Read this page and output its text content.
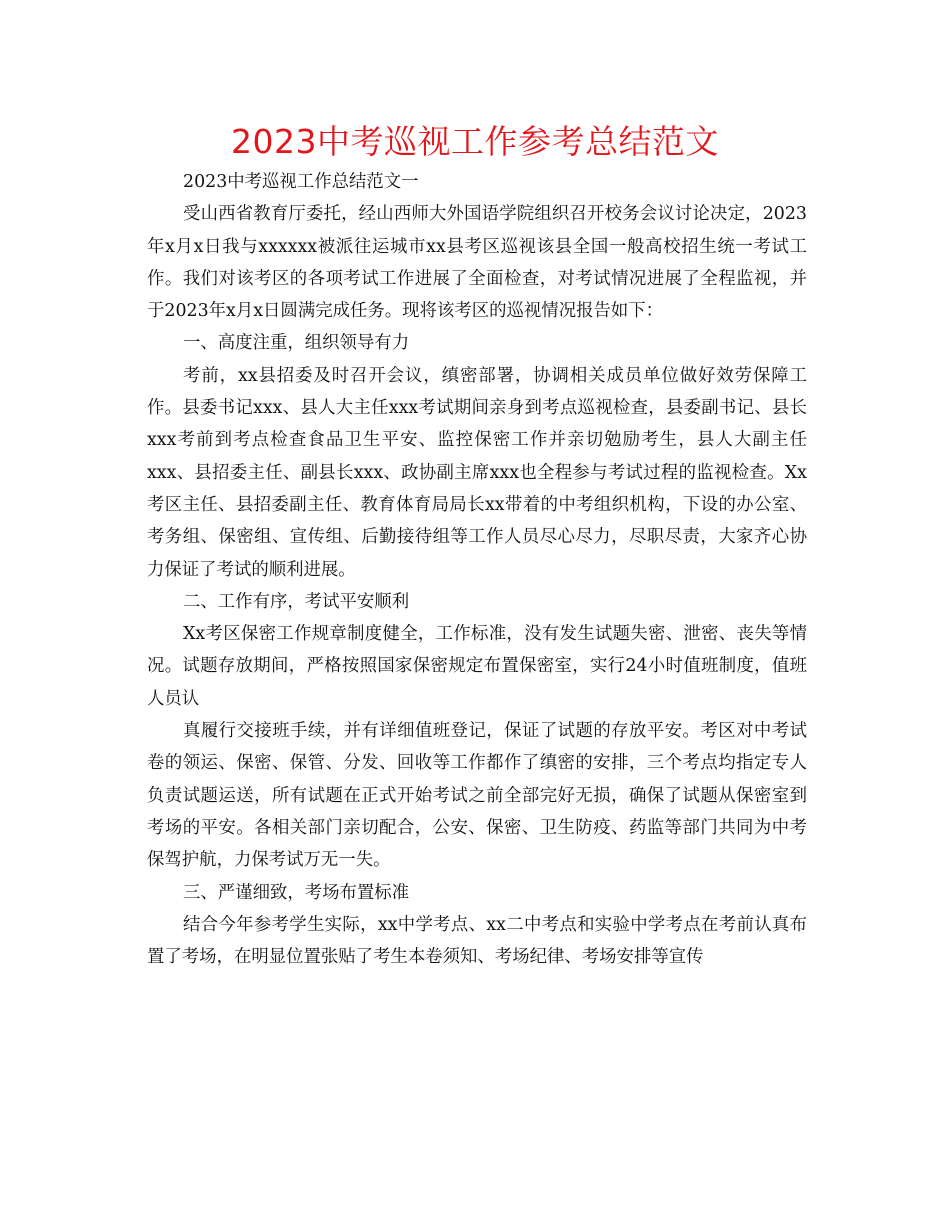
2023中考巡视工作参考总结范文

2023中考巡视工作总结范文一

受山西省教育厅委托，经山西师大外国语学院组织召开校务会议讨论决定，2023年x月x日我与xxxxxx被派往运城市xx县考区巡视该县全国一般高校招生统一考试工作。我们对该考区的各项考试工作进展了全面检查，对考试情况进展了全程监视，并于2023年x月x日圆满完成任务。现将该考区的巡视情况报告如下：

一、高度注重，组织领导有力

考前，xx县招委及时召开会议，缜密部署，协调相关成员单位做好效劳保障工作。县委书记xxx、县人大主任xxx考试期间亲身到考点巡视检查，县委副书记、县长xxx考前到考点检查食品卫生平安、监控保密工作并亲切勉励考生，县人大副主任xxx、县招委主任、副县长xxx、政协副主席xxx也全程参与考试过程的监视检查。Xx考区主任、县招委副主任、教育体育局局长xx带着的中考组织机构，下设的办公室、考务组、保密组、宣传组、后勤接待组等工作人员尽心尽力，尽职尽责，大家齐心协力保证了考试的顺利进展。

二、工作有序，考试平安顺利

Xx考区保密工作规章制度健全，工作标准，没有发生试题失密、泄密、丧失等情况。试题存放期间，严格按照国家保密规定布置保密室，实行24小时值班制度，值班人员认

真履行交接班手续，并有详细值班登记，保证了试题的存放平安。考区对中考试卷的领运、保密、保管、分发、回收等工作都作了缜密的安排，三个考点均指定专人负责试题运送，所有试题在正式开始考试之前全部完好无损，确保了试题从保密室到考场的平安。各相关部门亲切配合，公安、保密、卫生防疫、药监等部门共同为中考保驾护航，力保考试万无一失。

三、严谨细致，考场布置标准

结合今年参考学生实际，xx中学考点、xx二中考点和实验中学考点在考前认真布置了考场，在明显位置张贴了考生本卷须知、考场纪律、考场安排等宣传
